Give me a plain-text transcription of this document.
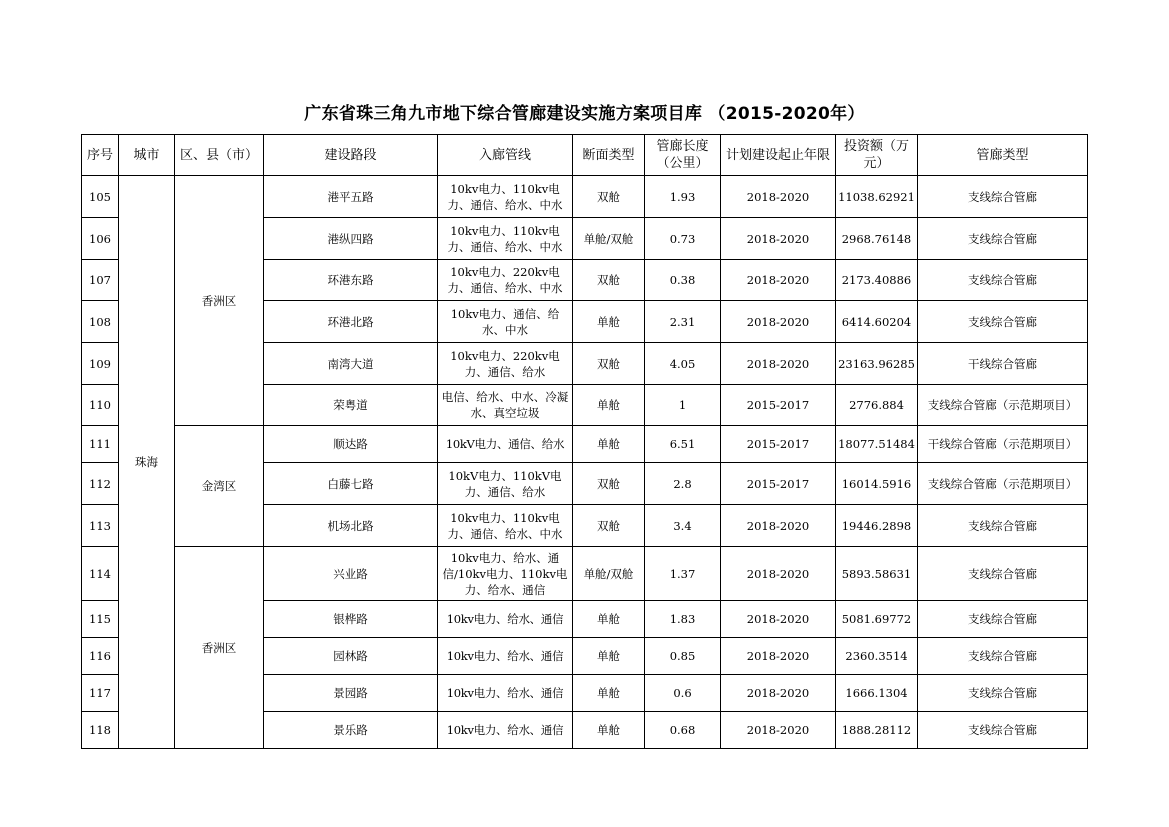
广东省珠三角九市地下综合管廊建设实施方案项目库 （2015-2020年）
序号	城市	区、县（市）	建设路段	入廊管线	断面类型	管廊长度（公里）	计划建设起止年限	投资额（万元）	管廊类型
105	珠海	香洲区	港平五路	10kv电力、110kv电力、通信、给水、中水	双舱	1.93	2018-2020	11038.62921	支线综合管廊
106			港纵四路	10kv电力、110kv电力、通信、给水、中水	单舱/双舱	0.73	2018-2020	2968.76148	支线综合管廊
107			环港东路	10kv电力、220kv电力、通信、给水、中水	双舱	0.38	2018-2020	2173.40886	支线综合管廊
108			环港北路	10kv电力、通信、给水、中水	单舱	2.31	2018-2020	6414.60204	支线综合管廊
109			南湾大道	10kv电力、220kv电力、通信、给水	双舱	4.05	2018-2020	23163.96285	干线综合管廊
110			荣粤道	电信、给水、中水、冷凝水、真空垃圾	单舱	1	2015-2017	2776.884	支线综合管廊（示范期项目）
111		金湾区	顺达路	10kV电力、通信、给水	单舱	6.51	2015-2017	18077.51484	干线综合管廊（示范期项目）
112			白藤七路	10kV电力、110kV电力、通信、给水	双舱	2.8	2015-2017	16014.5916	支线综合管廊（示范期项目）
113			机场北路	10kv电力、110kv电力、通信、给水、中水	双舱	3.4	2018-2020	19446.2898	支线综合管廊
114		香洲区	兴业路	10kv电力、给水、通信/10kv电力、110kv电力、给水、通信	单舱/双舱	1.37	2018-2020	5893.58631	支线综合管廊
115			银桦路	10kv电力、给水、通信	单舱	1.83	2018-2020	5081.69772	支线综合管廊
116			园林路	10kv电力、给水、通信	单舱	0.85	2018-2020	2360.3514	支线综合管廊
117			景园路	10kv电力、给水、通信	单舱	0.6	2018-2020	1666.1304	支线综合管廊
118			景乐路	10kv电力、给水、通信	单舱	0.68	2018-2020	1888.28112	支线综合管廊
